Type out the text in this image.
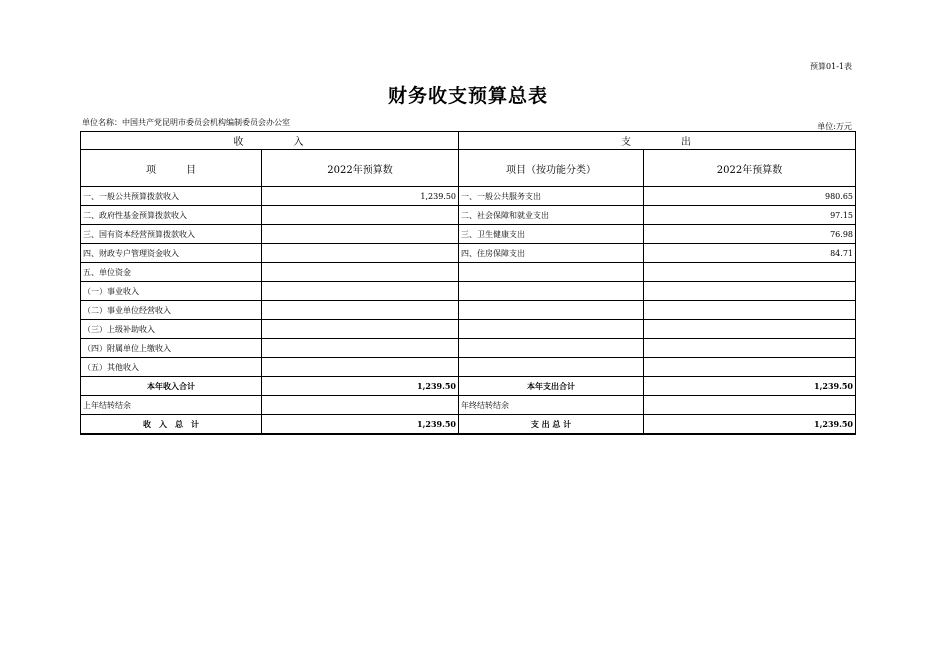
预算01-1表
财务收支预算总表
单位名称：中国共产党昆明市委员会机构编制委员会办公室	单位:万元
收　　　　入		支　　　　出	
项　　　目	2022年预算数	项目（按功能分类）	2022年预算数
一、一般公共预算拨款收入	1,239.50	一、一般公共服务支出	980.65
二、政府性基金预算拨款收入		二、社会保障和就业支出	97.15
三、国有资本经营预算拨款收入		三、卫生健康支出	76.98
四、财政专户管理资金收入		四、住房保障支出	84.71
五、单位资金			
（一）事业收入			
（二）事业单位经营收入			
（三）上级补助收入			
（四）附属单位上缴收入			
（五）其他收入			
本年收入合计	1,239.50	本年支出合计	1,239.50
上年结转结余		年终结转结余	
收　入　总　计	1,239.50	支 出 总 计	1,239.50
